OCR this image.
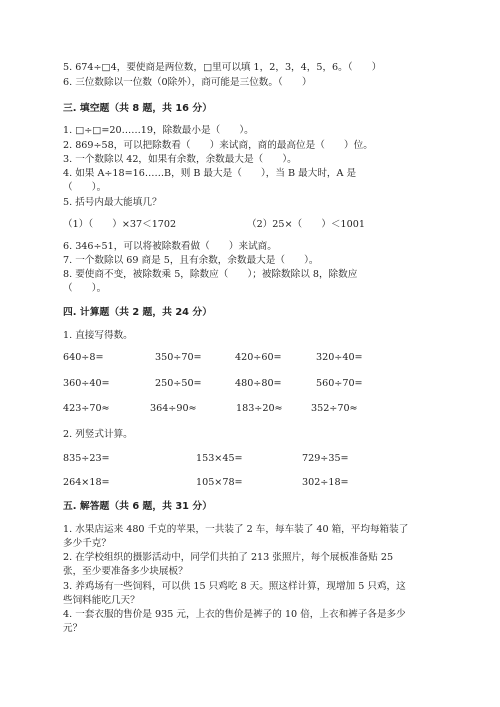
5. 674÷□4，要使商是两位数，□里可以填 1，2，3，4，5，6。（　　）
6. 三位数除以一位数（0除外），商可能是三位数。（　　）
三. 填空题（共 8 题，共 16 分）
1. □÷□=20……19，除数最小是（　　）。
2. 869÷58，可以把除数看（　　）来试商，商的最高位是（　　）位。
3. 一个数除以 42，如果有余数，余数最大是（　　）。
4. 如果 A÷18=16……B，则 B 最大是（　　），当 B 最大时，A 是
（　　）。
5. 括号内最大能填几？
（1）（　　）×37＜1702	（2）25×（　　）＜1001
6. 346÷51，可以将被除数看做（　　）来试商。
7. 一个数除以 69 商是 5，且有余数，余数最大是（　　）。
8. 要使商不变，被除数乘 5，除数应（　　）；被除数除以 8，除数应
（　　）。
四. 计算题（共 2 题，共 24 分）
1. 直接写得数。
640÷8=	350÷70=	420÷60=	320÷40=
360÷40=	250÷50=	480÷80=	560÷70=
423÷70≈	364÷90≈	183÷20≈	352÷70≈
2. 列竖式计算。
835÷23=	153×45=	729÷35=
264×18=	105×78=	302÷18=
五. 解答题（共 6 题，共 31 分）
1. 水果店运来 480 千克的苹果，一共装了 2 车，每车装了 40 箱，平均每箱装了
多少千克？
2. 在学校组织的摄影活动中，同学们共拍了 213 张照片，每个展板准备贴 25
张，至少要准备多少块展板？
3. 养鸡场有一些饲料，可以供 15 只鸡吃 8 天。照这样计算，现增加 5 只鸡，这
些饲料能吃几天？
4. 一套衣服的售价是 935 元，上衣的售价是裤子的 10 倍，上衣和裤子各是多少
元？
